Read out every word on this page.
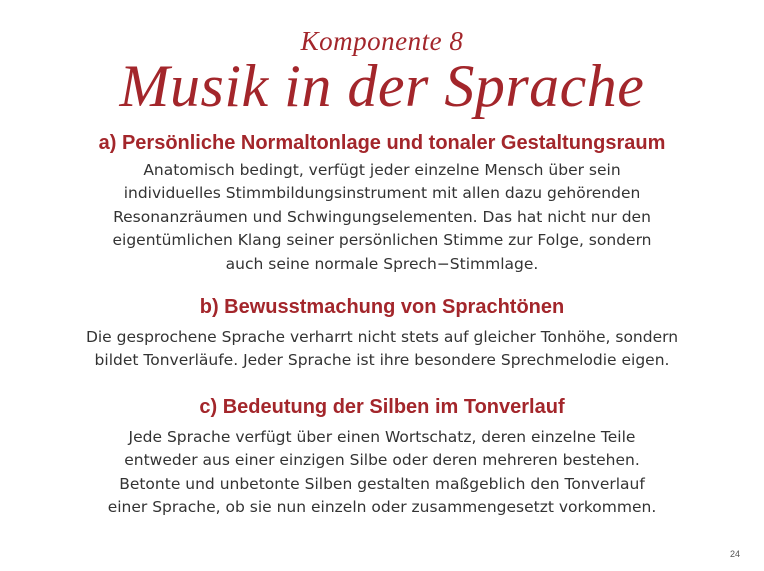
Komponente 8
Musik in der Sprache
a) Persönliche Normaltonlage und tonaler Gestaltungsraum

Anatomisch bedingt, verfügt jeder einzelne Mensch über sein
individuelles Stimmbildungsinstrument mit allen dazu gehörenden
Resonanzräumen und Schwingungselementen. Das hat nicht nur den
eigentümlichen Klang seiner persönlichen Stimme zur Folge, sondern
auch seine normale Sprech−Stimmlage.

b) Bewusstmachung von Sprachtönen

Die gesprochene Sprache verharrt nicht stets auf gleicher Tonhöhe, sondern
bildet Tonverläufe. Jeder Sprache ist ihre besondere Sprechmelodie eigen.

c) Bedeutung der Silben im Tonverlauf

Jede Sprache verfügt über einen Wortschatz, deren einzelne Teile
entweder aus einer einzigen Silbe oder deren mehreren bestehen.
Betonte und unbetonte Silben gestalten maßgeblich den Tonverlauf
einer Sprache, ob sie nun einzeln oder zusammengesetzt vorkommen.

24
